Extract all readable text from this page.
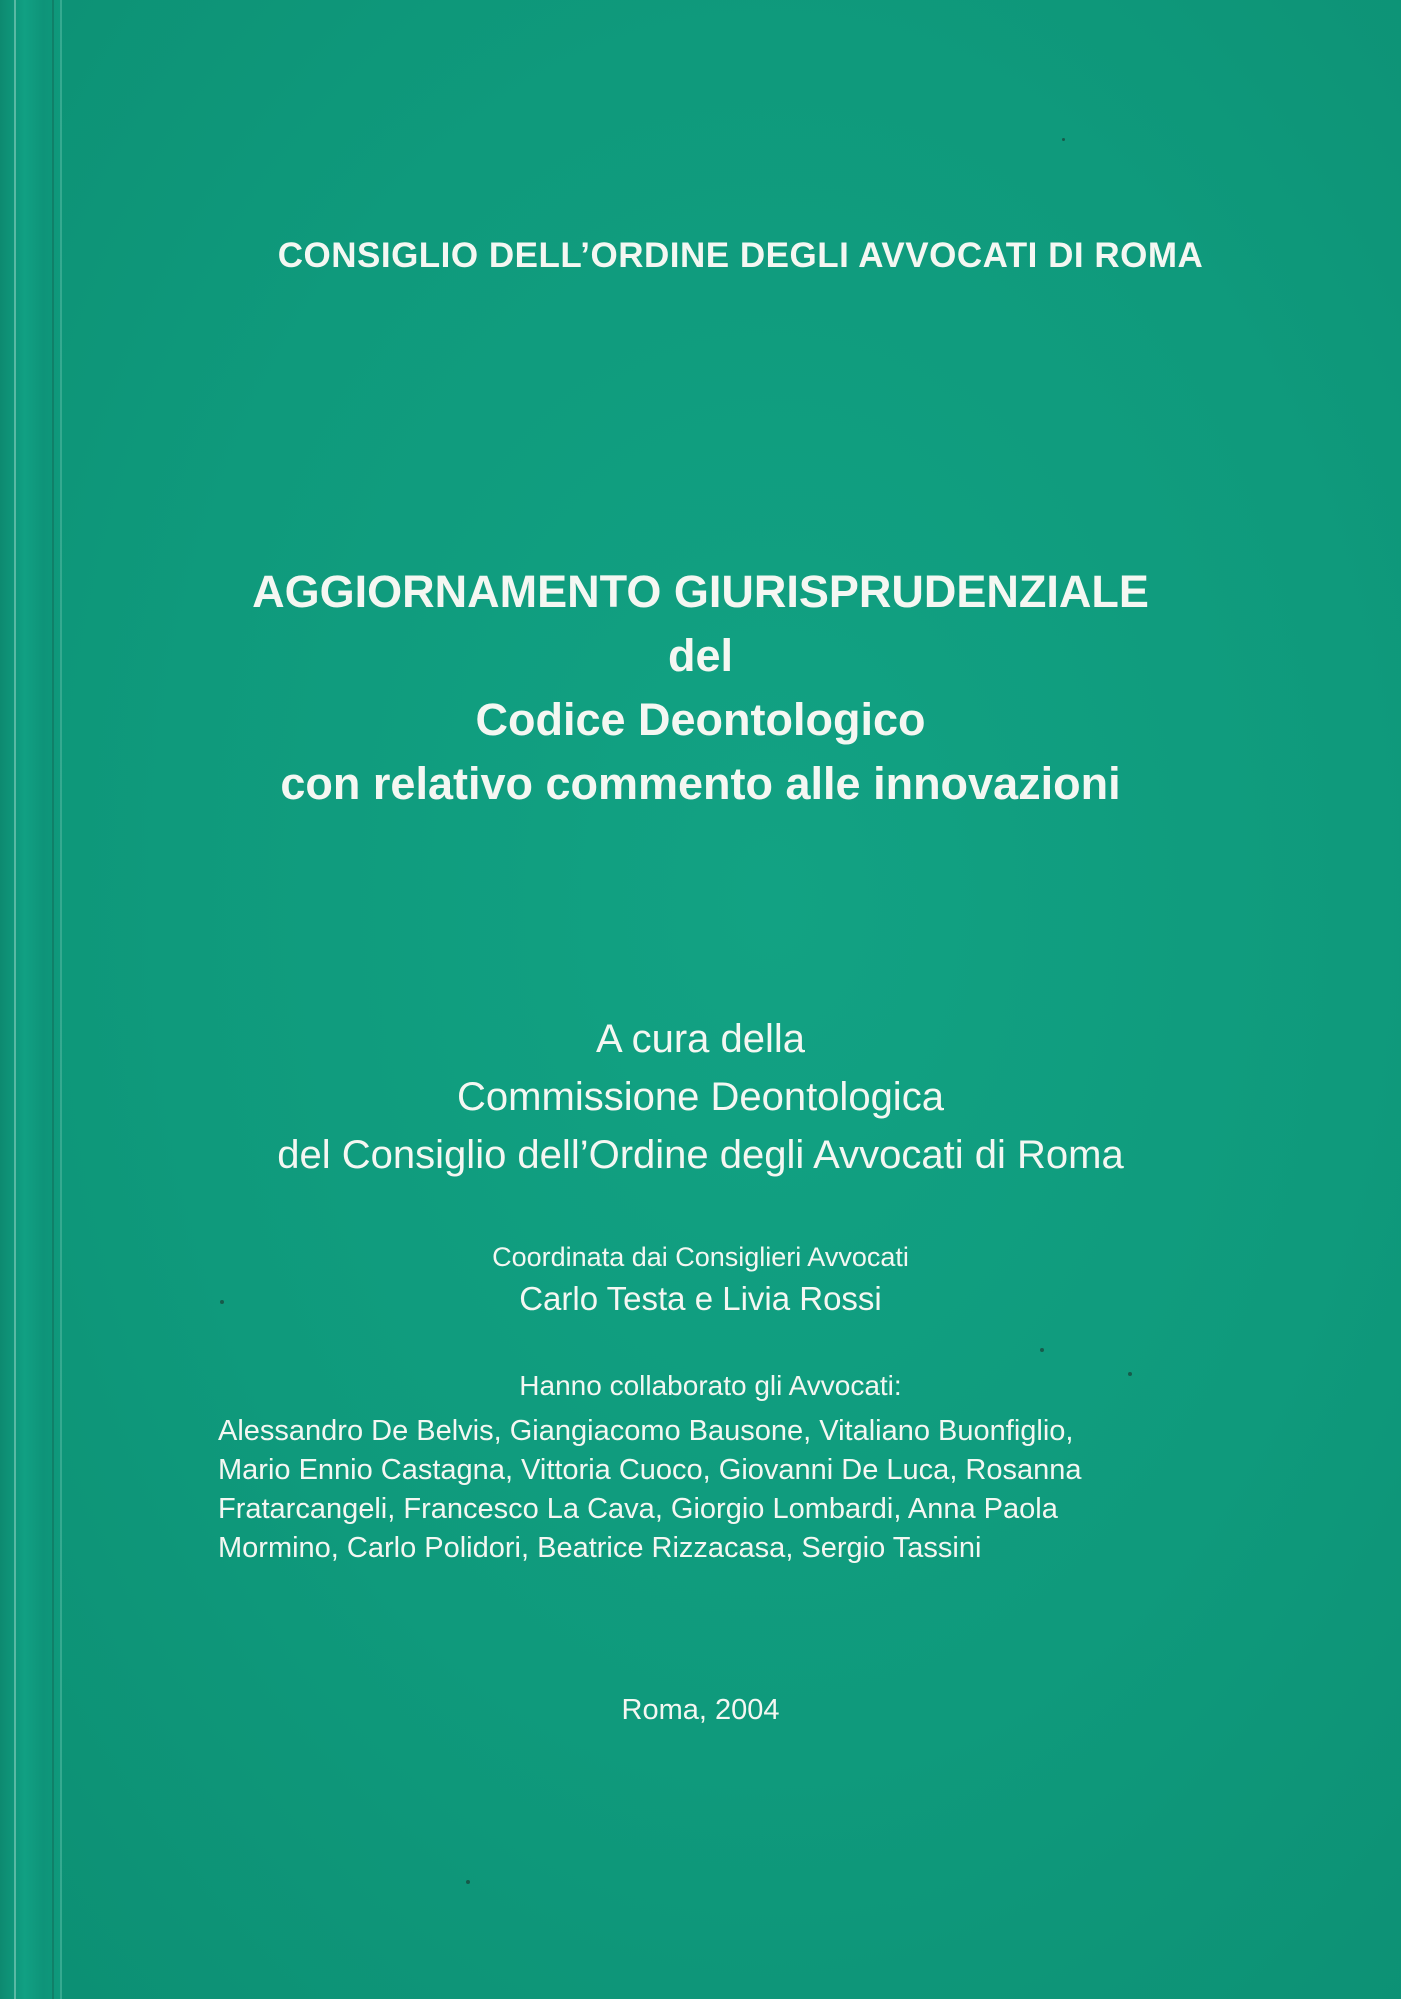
CONSIGLIO DELL’ORDINE DEGLI AVVOCATI DI ROMA

AGGIORNAMENTO GIURISPRUDENZIALE
del
Codice Deontologico
con relativo commento alle innovazioni
A cura della
Commissione Deontologica
del Consiglio dell’Ordine degli Avvocati di Roma
Coordinata dai Consiglieri Avvocati
Carlo Testa e Livia Rossi
Hanno collaborato gli Avvocati:
Alessandro De Belvis, Giangiacomo Bausone, Vitaliano Buonfiglio,
Mario Ennio Castagna, Vittoria Cuoco, Giovanni De Luca, Rosanna
Fratarcangeli, Francesco La Cava, Giorgio Lombardi, Anna Paola
Mormino, Carlo Polidori, Beatrice Rizzacasa, Sergio Tassini

Roma, 2004
